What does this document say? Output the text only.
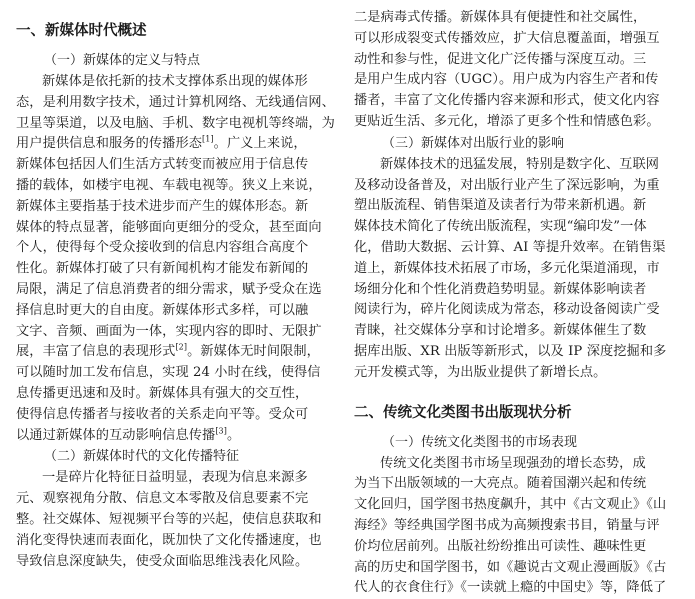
一、新媒体时代概述
（一）新媒体的定义与特点
新媒体是依托新的技术支撑体系出现的媒体形
态，是利用数字技术，通过计算机网络、无线通信网、
卫星等渠道，以及电脑、手机、数字电视机等终端，为
用户提供信息和服务的传播形态[1]。广义上来说，
新媒体包括因人们生活方式转变而被应用于信息传
播的载体，如楼宇电视、车载电视等。狭义上来说，
新媒体主要指基于技术进步而产生的媒体形态。新
媒体的特点显著，能够面向更细分的受众，甚至面向
个人，使得每个受众接收到的信息内容组合高度个
性化。新媒体打破了只有新闻机构才能发布新闻的
局限，满足了信息消费者的细分需求，赋予受众在选
择信息时更大的自由度。新媒体形式多样，可以融
文字、音频、画面为一体，实现内容的即时、无限扩
展，丰富了信息的表现形式[2]。新媒体无时间限制，
可以随时加工发布信息，实现 24 小时在线，使得信
息传播更迅速和及时。新媒体具有强大的交互性，
使得信息传播者与接收者的关系走向平等。受众可
以通过新媒体的互动影响信息传播[3]。
（二）新媒体时代的文化传播特征
一是碎片化特征日益明显，表现为信息来源多
元、观察视角分散、信息文本零散及信息要素不完
整。社交媒体、短视频平台等的兴起，使信息获取和
消化变得快速而表面化，既加快了文化传播速度，也
导致信息深度缺失，使受众面临思维浅表化风险。
二是病毒式传播。新媒体具有便捷性和社交属性，
可以形成裂变式传播效应，扩大信息覆盖面，增强互
动性和参与性，促进文化广泛传播与深度互动。三
是用户生成内容（UGC）。用户成为内容生产者和传
播者，丰富了文化传播内容来源和形式，使文化内容
更贴近生活、多元化，增添了更多个性和情感色彩。
（三）新媒体对出版行业的影响
新媒体技术的迅猛发展，特别是数字化、互联网
及移动设备普及，对出版行业产生了深远影响，为重
塑出版流程、销售渠道及读者行为带来新机遇。新
媒体技术简化了传统出版流程，实现“编印发”一体
化，借助大数据、云计算、AI 等提升效率。在销售渠
道上，新媒体技术拓展了市场，多元化渠道涌现，市
场细分化和个性化消费趋势明显。新媒体影响读者
阅读行为，碎片化阅读成为常态，移动设备阅读广受
青睐，社交媒体分享和讨论增多。新媒体催生了数
据库出版、XR 出版等新形式，以及 IP 深度挖掘和多
元开发模式等，为出版业提供了新增长点。
二、传统文化类图书出版现状分析
（一）传统文化类图书的市场表现
传统文化类图书市场呈现强劲的增长态势，成
为当下出版领域的一大亮点。随着国潮兴起和传统
文化回归，国学图书热度飙升，其中《古文观止》《山
海经》等经典国学图书成为高频搜索书目，销量与评
价均位居前列。出版社纷纷推出可读性、趣味性更
高的历史和国学图书，如《趣说古文观止漫画版》《古
代人的衣食住行》《一读就上瘾的中国史》等，降低了
